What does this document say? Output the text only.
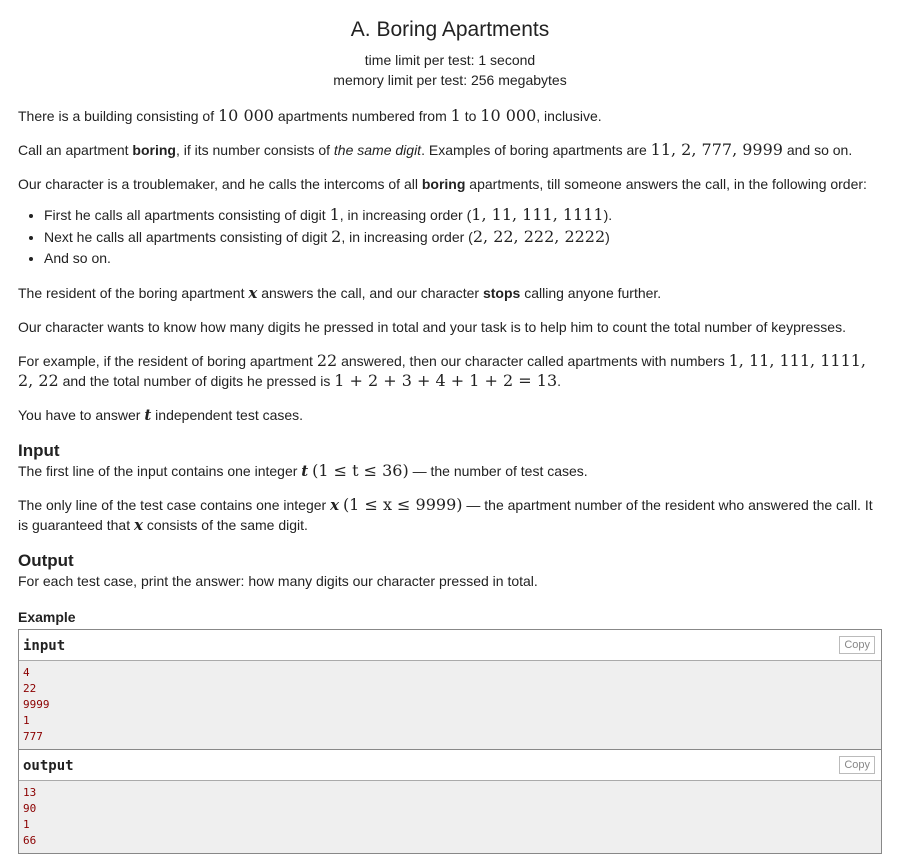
A. Boring Apartments
time limit per test: 1 second
memory limit per test: 256 megabytes

There is a building consisting of 10 000 apartments numbered from 1 to 10 000, inclusive.

Call an apartment boring, if its number consists of the same digit. Examples of boring apartments are 11, 2, 777, 9999 and so on.

Our character is a troublemaker, and he calls the intercoms of all boring apartments, till someone answers the call, in the following order:

• First he calls all apartments consisting of digit 1, in increasing order (1, 11, 111, 1111).
• Next he calls all apartments consisting of digit 2, in increasing order (2, 22, 222, 2222)
• And so on.

The resident of the boring apartment x answers the call, and our character stops calling anyone further.

Our character wants to know how many digits he pressed in total and your task is to help him to count the total number of keypresses.

For example, if the resident of boring apartment 22 answered, then our character called apartments with numbers 1, 11, 111, 1111, 2, 22 and the total number of digits he pressed is 1 + 2 + 3 + 4 + 1 + 2 = 13.

You have to answer t independent test cases.

Input

The first line of the input contains one integer t (1 ≤ t ≤ 36) — the number of test cases.

The only line of the test case contains one integer x (1 ≤ x ≤ 9999) — the apartment number of the resident who answered the call. It is guaranteed that x consists of the same digit.

Output

For each test case, print the answer: how many digits our character pressed in total.

Example
input	Copy
4
22
9999
1
777
output	Copy
13
90
1
66
